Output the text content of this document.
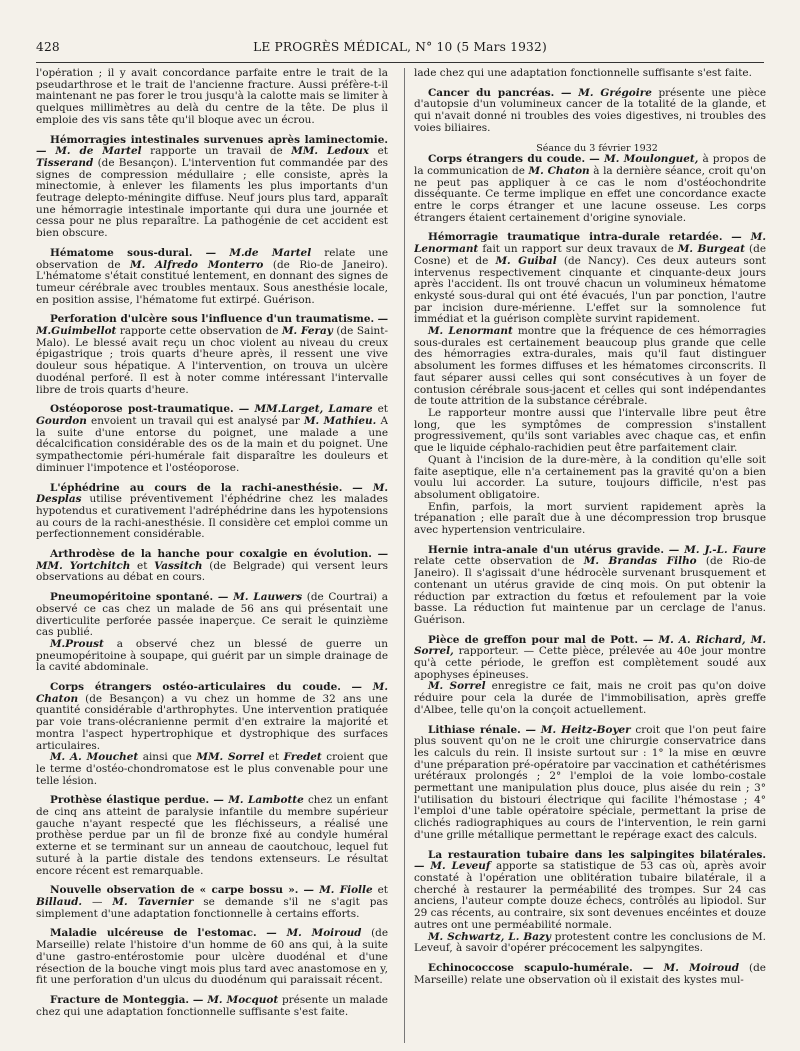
428	LE PROGRÈS MÉDICAL, N° 10 (5 Mars 1932)

l'opération ; il y avait concordance parfaite entre le trait de la pseudarthrose et le trait de l'ancienne fracture. Aussi préfère-t-il maintenant ne pas forer le trou jusqu'à la calotte mais se limiter à quelques millimètres au delà du centre de la tête. De plus il emploie des vis sans tête qu'il bloque avec un écrou.

Hémorragies intestinales survenues après laminectomie. — M. de Martel rapporte un travail de MM. Ledoux et Tisserand (de Besançon). L'intervention fut commandée par des signes de compression médullaire ; elle consiste, après la minectomie, à enlever les filaments les plus importants d'un feutrage delepto-méningite diffuse. Neuf jours plus tard, apparaît une hémorragie intestinale importante qui dura une journée et cessa pour ne plus reparaître. La pathogénie de cet accident est bien obscure.

Hématome sous-dural. — M.de Martel relate une observation de M. Alfredo Monterro (de Rio-de Janeiro). L'hématome s'était constitué lentement, en donnant des signes de tumeur cérébrale avec troubles mentaux. Sous anesthésie locale, en position assise, l'hématome fut extirpé. Guérison.

Perforation d'ulcère sous l'influence d'un traumatisme. — M.Guimbellot rapporte cette observation de M. Feray (de Saint-Malo). Le blessé avait reçu un choc violent au niveau du creux épigastrique ; trois quarts d'heure après, il ressent une vive douleur sous hépatique. A l'intervention, on trouva un ulcère duodénal perforé. Il est à noter comme intéressant l'intervalle libre de trois quarts d'heure.

Ostéoporose post-traumatique. — MM.Larget, Lamare et Gourdon envoient un travail qui est analysé par M. Mathieu. A la suite d'une entorse du poignet, une malade a une décalcification considérable des os de la main et du poignet. Une sympathectomie péri-humérale fait disparaître les douleurs et diminuer l'impotence et l'ostéoporose.

L'éphédrine au cours de la rachi-anesthésie. — M. Desplas utilise préventivement l'éphédrine chez les malades hypotendus et curativement l'adréphédrine dans les hypotensions au cours de la rachi-anesthésie. Il considère cet emploi comme un perfectionnement considérable.

Arthrodèse de la hanche pour coxalgie en évolution. — MM. Yortchitch et Vassitch (de Belgrade) qui versent leurs observations au débat en cours.

Pneumopéritoine spontané. — M. Lauwers (de Courtrai) a observé ce cas chez un malade de 56 ans qui présentait une diverticulite perforée passée inaperçue. Ce serait le quinzième cas publié.

M.Proust a observé chez un blessé de guerre un pneumopéritoine à soupape, qui guérit par un simple drainage de la cavité abdominale.

Corps étrangers ostéo-articulaires du coude. — M. Chaton (de Besançon) a vu chez un homme de 32 ans une quantité considérable d'arthrophytes. Une intervention pratiquée par voie trans-olécranienne permit d'en extraire la majorité et montra l'aspect hypertrophique et dystrophique des surfaces articulaires.

M. A. Mouchet ainsi que MM. Sorrel et Fredet croient que le terme d'ostéo-chondromatose est le plus convenable pour une telle lésion.

Prothèse élastique perdue. — M. Lambotte chez un enfant de cinq ans atteint de paralysie infantile du membre supérieur gauche n'ayant respecté que les fléchisseurs, a réalisé une prothèse perdue par un fil de bronze fixé au condyle huméral externe et se terminant sur un anneau de caoutchouc, lequel fut suturé à la partie distale des tendons extenseurs. Le résultat encore récent est remarquable.

Nouvelle observation de « carpe bossu ». — M. Fiolle et Billaud. — M. Tavernier se demande s'il ne s'agit pas simplement d'une adaptation fonctionnelle à certains efforts.

Maladie ulcéreuse de l'estomac. — M. Moiroud (de Marseille) relate l'histoire d'un homme de 60 ans qui, à la suite d'une gastro-entérostomie pour ulcère duodénal et d'une résection de la bouche vingt mois plus tard avec anastomose en y, fit une perforation d'un ulcus du duodénum qui paraissait récent.

Fracture de Monteggia. — M. Mocquot présente un malade chez qui une adaptation fonctionnelle suffisante s'est faite.

lade chez qui une adaptation fonctionnelle suffisante s'est faite.

Cancer du pancréas. — M. Grégoire présente une pièce d'autopsie d'un volumineux cancer de la totalité de la glande, et qui n'avait donné ni troubles des voies digestives, ni troubles des voies biliaires.

Séance du 3 février 1932

Corps étrangers du coude. — M. Moulonguet, à propos de la communication de M. Chaton à la dernière séance, croit qu'on ne peut pas appliquer à ce cas le nom d'ostéochondrite disséquante. Ce terme implique en effet une concordance exacte entre le corps étranger et une lacune osseuse. Les corps étrangers étaient certainement d'origine synoviale.

Hémorragie traumatique intra-durale retardée. — M. Lenormant fait un rapport sur deux travaux de M. Burgeat (de Cosne) et de M. Guibal (de Nancy). Ces deux auteurs sont intervenus respectivement cinquante et cinquante-deux jours après l'accident. Ils ont trouvé chacun un volumineux hématome enkysté sous-dural qui ont été évacués, l'un par ponction, l'autre par incision dure-mérienne. L'effet sur la somnolence fut immédiat et la guérison complète survint rapidement.

M. Lenormant montre que la fréquence de ces hémorragies sous-durales est certainement beaucoup plus grande que celle des hémorragies extra-durales, mais qu'il faut distinguer absolument les formes diffuses et les hématomes circonscrits. Il faut séparer aussi celles qui sont consécutives à un foyer de contusion cérébrale sous-jacent et celles qui sont indépendantes de toute attrition de la substance cérébrale.

Le rapporteur montre aussi que l'intervalle libre peut être long, que les symptômes de compression s'installent progressivement, qu'ils sont variables avec chaque cas, et enfin que le liquide céphalo-rachidien peut être parfaitement clair.

Quant à l'incision de la dure-mère, à la condition qu'elle soit faite aseptique, elle n'a certainement pas la gravité qu'on a bien voulu lui accorder. La suture, toujours difficile, n'est pas absolument obligatoire.

Enfin, parfois, la mort survient rapidement après la trépanation ; elle paraît due à une décompression trop brusque avec hypertension ventriculaire.

Hernie intra-anale d'un utérus gravide. — M. J.-L. Faure relate cette observation de M. Brandas Filho (de Rio-de Janeiro). Il s'agissait d'une hédrocèle survenant brusquement et contenant un utérus gravide de cinq mois. On put obtenir la réduction par extraction du fœtus et refoulement par la voie basse. La réduction fut maintenue par un cerclage de l'anus. Guérison.

Pièce de greffon pour mal de Pott. — M. A. Richard, M. Sorrel, rapporteur. — Cette pièce, prélevée au 40e jour montre qu'à cette période, le greffon est complètement soudé aux apophyses épineuses.

M. Sorrel enregistre ce fait, mais ne croit pas qu'on doive réduire pour cela la durée de l'immobilisation, après greffe d'Albee, telle qu'on la conçoit actuellement.

Lithiase rénale. — M. Heitz-Boyer croit que l'on peut faire plus souvent qu'on ne le croit une chirurgie conservatrice dans les calculs du rein. Il insiste surtout sur : 1° la mise en œuvre d'une préparation pré-opératoire par vaccination et cathétérismes urétéraux prolongés ; 2° l'emploi de la voie lombo-costale permettant une manipulation plus douce, plus aisée du rein ; 3° l'utilisation du bistouri électrique qui facilite l'hémostase ; 4° l'emploi d'une table opératoire spéciale, permettant la prise de clichés radiographiques au cours de l'intervention, le rein garni d'une grille métallique permettant le repérage exact des calculs.

La restauration tubaire dans les salpingites bilatérales. — M. Leveuf apporte sa statistique de 53 cas où, après avoir constaté à l'opération une oblitération tubaire bilatérale, il a cherché à restaurer la perméabilité des trompes. Sur 24 cas anciens, l'auteur compte douze échecs, contrôlés au lipiodol. Sur 29 cas récents, au contraire, six sont devenues encéintes et douze autres ont une perméabilité normale.

M. Schwartz, L. Bazy protestent contre les conclusions de M. Leveuf, à savoir d'opérer précocement les salpyngites.

Echinococcose scapulo-humérale. — M. Moiroud (de Marseille) relate une observation où il existait des kystes mul-
